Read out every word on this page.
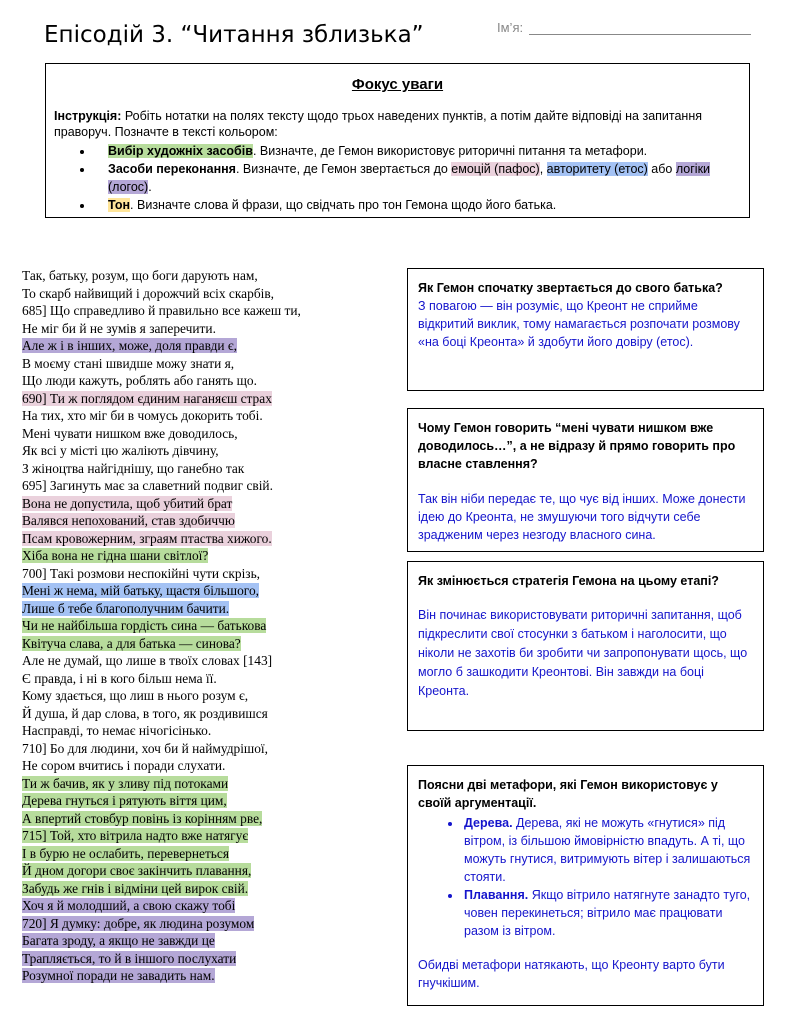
Епісодій 3. “Читання зблизька”	Ім’я:
Фокус уваги
Інструкція: Робіть нотатки на полях тексту щодо трьох наведених пунктів, а потім дайте відповіді на запитання праворуч. Позначте в тексті кольором:
• Вибір художніх засобів. Визначте, де Гемон використовує риторичні питання та метафори.
• Засоби переконання. Визначте, де Гемон звертається до емоцій (пафос), авторитету (етос) або логіки (логос).
• Тон. Визначте слова й фрази, що свідчать про тон Гемона щодо його батька.
Так, батьку, розум, що боги дарують нам,
То скарб найвищий і дорожчий всіх скарбів,
685] Що справедливо й правильно все кажеш ти,
Не міг би й не зумів я заперечити.
Але ж і в інших, може, доля правди є,
В моєму стані швидше можу знати я,
Що люди кажуть, роблять або ганять що.
690] Ти ж поглядом єдиним наганяєш страх
На тих, хто міг би в чомусь докорить тобі.
Мені чувати нишком вже доводилось,
Як всі у місті цю жаліють дівчину,
З жіноцтва найгіднішу, що ганебно так
695] Загинуть має за славетний подвиг свій.
Вона не допустила, щоб убитий брат
Валявся непохований, став здобиччю
Псам кровожерним, зграям птаства хижого.
Хіба вона не гідна шани світлої?
700] Такі розмови неспокійні чути скрізь,
Мені ж нема, мій батьку, щастя більшого,
Лише б тебе благополучним бачити.
Чи не найбільша гордість сина — батькова
Квітуча слава, а для батька — синова?
Але не думай, що лише в твоїх словах [143]
Є правда, і ні в кого більш нема її.
Кому здається, що лиш в нього розум є,
Й душа, й дар слова, в того, як роздивишся
Насправді, то немає нічогісінько.
710] Бо для людини, хоч би й наймудрішої,
Не сором вчитись і поради слухати.
Ти ж бачив, як у зливу під потоками
Дерева гнуться і рятують віття цим,
А впертий стовбур повінь із корінням рве,
715] Той, хто вітрила надто вже натягує
І в бурю не ослабить, перевернеться
Й дном догори своє закінчить плавання,
Забудь же гнів і відміни цей вирок свій.
Хоч я й молодший, а свою скажу тобі
720] Я думку: добре, як людина розумом
Багата зроду, а якщо не завжди це
Трапляється, то й в іншого послухати
Розумної поради не завадить нам.
Як Гемон спочатку звертається до свого батька?
З повагою — він розуміє, що Креонт не сприйме відкритий виклик, тому намагається розпочати розмову «на боці Креонта» й здобути його довіру (етос).
Чому Гемон говорить “мені чувати нишком вже доводилось…”, а не відразу й прямо говорить про власне ставлення?
Так він ніби передає те, що чує від інших. Може донести ідею до Креонта, не змушуючи того відчути себе зрадженим через незгоду власного сина.
Як змінюється стратегія Гемона на цьому етапі?
Він починає використовувати риторичні запитання, щоб підкреслити свої стосунки з батьком і наголосити, що ніколи не захотів би зробити чи запропонувати щось, що могло б зашкодити Креонтові. Він завжди на боці Креонта.
Поясни дві метафори, які Гемон використовує у своїй аргументації.
• Дерева. Дерева, які не можуть «гнутися» під вітром, із більшою ймовірністю впадуть. А ті, що можуть гнутися, витримують вітер і залишаються стояти.
• Плавання. Якщо вітрило натягнуте занадто туго, човен перекинеться; вітрило має працювати разом із вітром.
Обидві метафори натякають, що Креонту варто бути гнучкішим.
